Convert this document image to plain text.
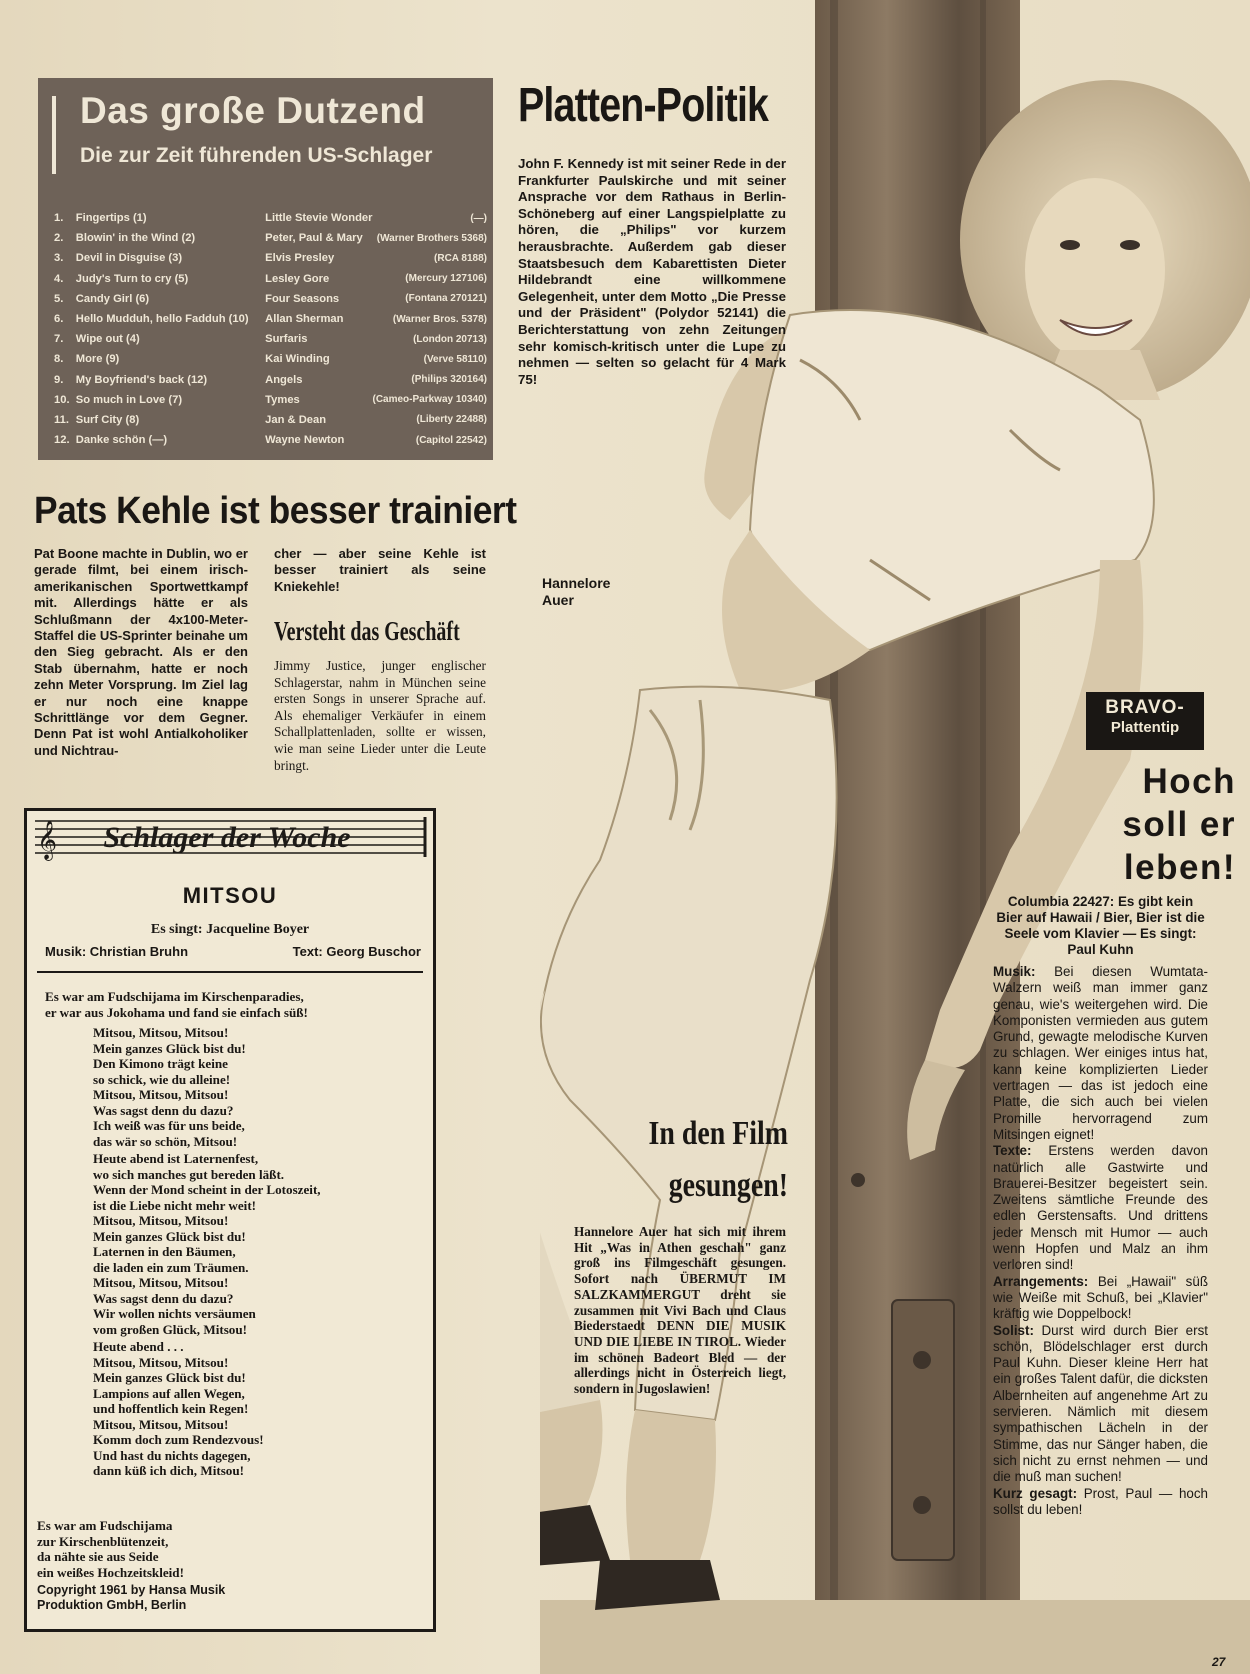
Das große Dutzend
Die zur Zeit führenden US-Schlager
1.	Fingertips (1)	Little Stevie Wonder	(—)
2.	Blowin' in the Wind (2)	Peter, Paul & Mary	(Warner Brothers 5368)
3.	Devil in Disguise (3)	Elvis Presley	(RCA 8188)
4.	Judy's Turn to cry (5)	Lesley Gore	(Mercury 127106)
5.	Candy Girl (6)	Four Seasons	(Fontana 270121)
6.	Hello Mudduh, hello Fadduh (10)	Allan Sherman	(Warner Bros. 5378)
7.	Wipe out (4)	Surfaris	(London 20713)
8.	More (9)	Kai Winding	(Verve 58110)
9.	My Boyfriend's back (12)	Angels	(Philips 320164)
10.	So much in Love (7)	Tymes	(Cameo-Parkway 10340)
11.	Surf City (8)	Jan & Dean	(Liberty 22488)
12.	Danke schön (—)	Wayne Newton	(Capitol 22542)
Platten-Politik
John F. Kennedy ist mit seiner Rede in der Frankfurter Paulskirche und mit seiner Ansprache vor dem Rathaus in Berlin-Schöneberg auf einer Langspielplatte zu hören, die „Philips" vor kurzem herausbrachte. Außerdem gab dieser Staatsbesuch dem Kabarettisten Dieter Hildebrandt eine willkommene Gelegenheit, unter dem Motto „Die Presse und der Präsident" (Polydor 52141) die Berichterstattung von zehn Zeitungen sehr komisch-kritisch unter die Lupe zu nehmen — selten so gelacht für 4 Mark 75!
Pats Kehle ist besser trainiert
Pat Boone machte in Dublin, wo er gerade filmt, bei einem irisch-amerikanischen Sportwettkampf mit. Allerdings hätte er als Schlußmann der 4x100-Meter-Staffel die US-Sprinter beinahe um den Sieg gebracht. Als er den Stab übernahm, hatte er noch zehn Meter Vorsprung. Im Ziel lag er nur noch eine knappe Schrittlänge vor dem Gegner. Denn Pat ist wohl Antialkoholiker und Nichtrau-
cher — aber seine Kehle ist besser trainiert als seine Kniekehle!
Versteht das Geschäft
Jimmy Justice, junger englischer Schlagerstar, nahm in München seine ersten Songs in unserer Sprache auf. Als ehemaliger Verkäufer in einem Schallplattenladen, sollte er wissen, wie man seine Lieder unter die Leute bringt.
Hannelore
Auer
𝄞 Schlager der Woche
MITSOU
Es singt: Jacqueline Boyer
Musik: Christian Bruhn	Text: Georg Buschor
Es war am Fudschijama im Kirschenparadies,
er war aus Jokohama und fand sie einfach süß!
Mitsou, Mitsou, Mitsou!
Mein ganzes Glück bist du!
Den Kimono trägt keine
so schick, wie du alleine!
Mitsou, Mitsou, Mitsou!
Was sagst denn du dazu?
Ich weiß was für uns beide,
das wär so schön, Mitsou!
Heute abend ist Laternenfest,
wo sich manches gut bereden läßt.
Wenn der Mond scheint in der Lotoszeit,
ist die Liebe nicht mehr weit!
Mitsou, Mitsou, Mitsou!
Mein ganzes Glück bist du!
Laternen in den Bäumen,
die laden ein zum Träumen.
Mitsou, Mitsou, Mitsou!
Was sagst denn du dazu?
Wir wollen nichts versäumen
vom großen Glück, Mitsou!
Heute abend . . .
Mitsou, Mitsou, Mitsou!
Mein ganzes Glück bist du!
Lampions auf allen Wegen,
und hoffentlich kein Regen!
Mitsou, Mitsou, Mitsou!
Komm doch zum Rendezvous!
Und hast du nichts dagegen,
dann küß ich dich, Mitsou!
Es war am Fudschijama
zur Kirschenblütenzeit,
da nähte sie aus Seide
ein weißes Hochzeitskleid!
Copyright 1961 by Hansa Musik
Produktion GmbH, Berlin
In den Film
gesungen!
Hannelore Auer hat sich mit ihrem Hit „Was in Athen geschah" ganz groß ins Filmgeschäft gesungen. Sofort nach ÜBERMUT IM SALZKAMMERGUT dreht sie zusammen mit Vivi Bach und Claus Biederstaedt DENN DIE MUSIK UND DIE LIEBE IN TIROL. Wieder im schönen Badeort Bled — der allerdings nicht in Österreich liegt, sondern in Jugoslawien!
BRAVO-
Plattentip
Hoch
soll er
leben!
Columbia 22427: Es gibt kein Bier auf Hawaii / Bier, Bier ist die Seele vom Klavier — Es singt: Paul Kuhn
Musik: Bei diesen Wumtata-Walzern weiß man immer ganz genau, wie's weitergehen wird. Die Komponisten vermieden aus gutem Grund, gewagte melodische Kurven zu schlagen. Wer einiges intus hat, kann keine komplizierten Lieder vertragen — das ist jedoch eine Platte, die sich auch bei vielen Promille hervorragend zum Mitsingen eignet!
Texte: Erstens werden davon natürlich alle Gastwirte und Brauerei-Besitzer begeistert sein. Zweitens sämtliche Freunde des edlen Gerstensafts. Und drittens jeder Mensch mit Humor — auch wenn Hopfen und Malz an ihm verloren sind!
Arrangements: Bei „Hawaii" süß wie Weiße mit Schuß, bei „Klavier" kräftig wie Doppelbock!
Solist: Durst wird durch Bier erst schön, Blödelschlager erst durch Paul Kuhn. Dieser kleine Herr hat ein großes Talent dafür, die dicksten Albernheiten auf angenehme Art zu servieren. Nämlich mit diesem sympathischen Lächeln in der Stimme, das nur Sänger haben, die sich nicht zu ernst nehmen — und die muß man suchen!
Kurz gesagt: Prost, Paul — hoch sollst du leben!
27
